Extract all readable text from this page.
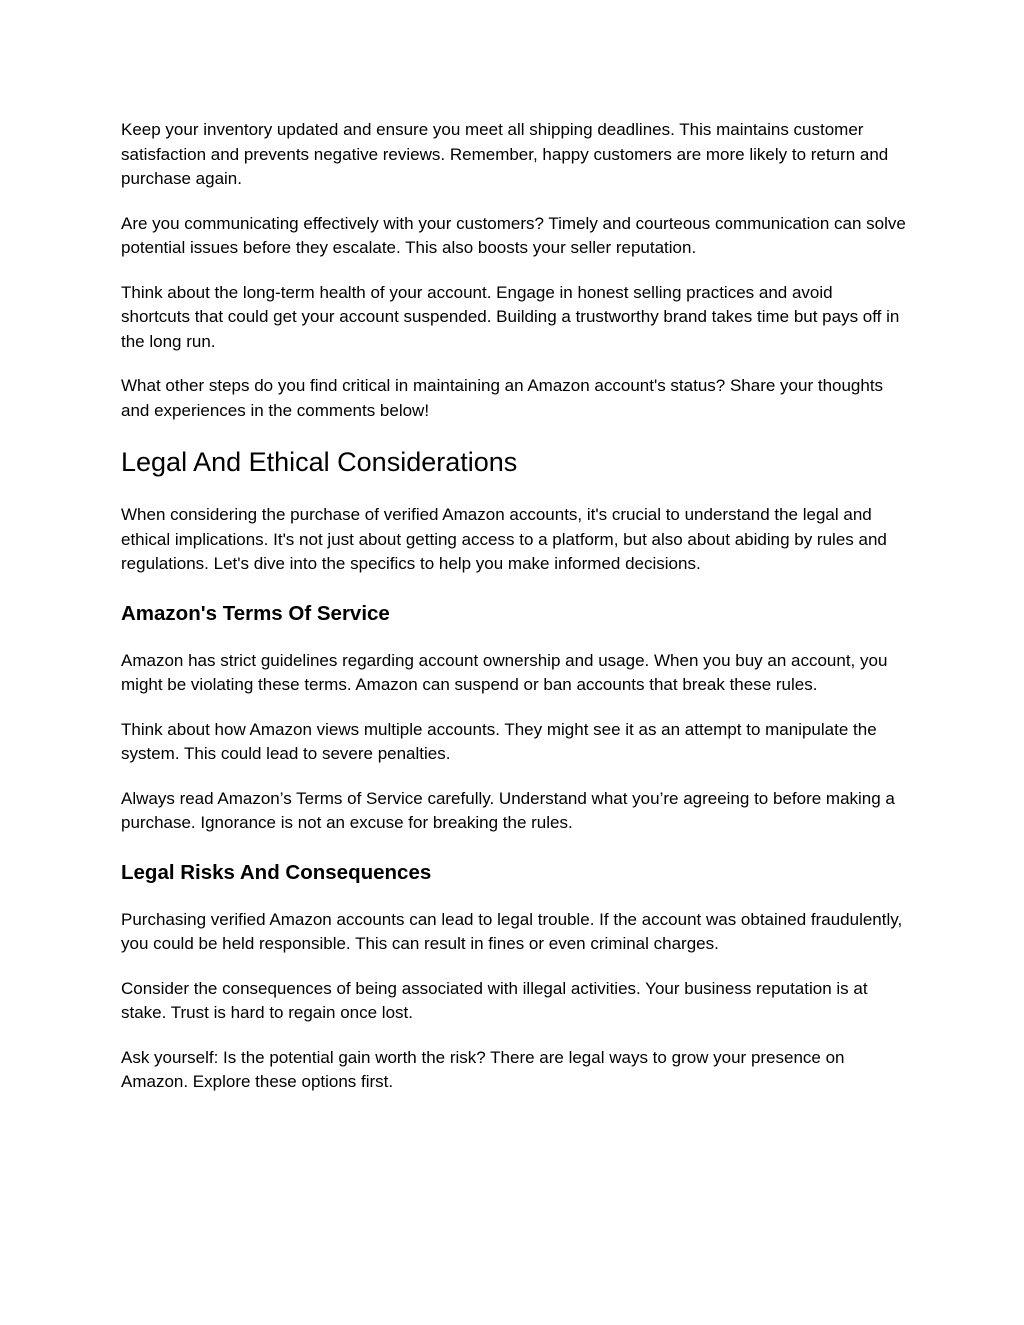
Keep your inventory updated and ensure you meet all shipping deadlines. This maintains customer satisfaction and prevents negative reviews. Remember, happy customers are more likely to return and purchase again.

Are you communicating effectively with your customers? Timely and courteous communication can solve potential issues before they escalate. This also boosts your seller reputation.

Think about the long-term health of your account. Engage in honest selling practices and avoid shortcuts that could get your account suspended. Building a trustworthy brand takes time but pays off in the long run.

What other steps do you find critical in maintaining an Amazon account's status? Share your thoughts and experiences in the comments below!

Legal And Ethical Considerations

When considering the purchase of verified Amazon accounts, it's crucial to understand the legal and ethical implications. It's not just about getting access to a platform, but also about abiding by rules and regulations. Let's dive into the specifics to help you make informed decisions.

Amazon's Terms Of Service

Amazon has strict guidelines regarding account ownership and usage. When you buy an account, you might be violating these terms. Amazon can suspend or ban accounts that break these rules.

Think about how Amazon views multiple accounts. They might see it as an attempt to manipulate the system. This could lead to severe penalties.

Always read Amazon’s Terms of Service carefully. Understand what you’re agreeing to before making a purchase. Ignorance is not an excuse for breaking the rules.

Legal Risks And Consequences

Purchasing verified Amazon accounts can lead to legal trouble. If the account was obtained fraudulently, you could be held responsible. This can result in fines or even criminal charges.

Consider the consequences of being associated with illegal activities. Your business reputation is at stake. Trust is hard to regain once lost.

Ask yourself: Is the potential gain worth the risk? There are legal ways to grow your presence on Amazon. Explore these options first.
